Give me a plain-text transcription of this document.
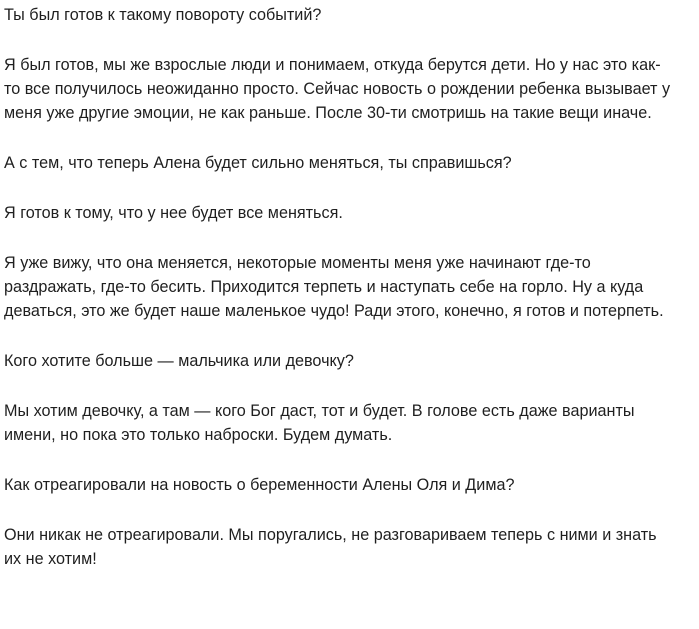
Ты был готов к такому повороту событий?

Я был готов, мы же взрослые люди и понимаем, откуда берутся дети. Но у нас это как-то все получилось неожиданно просто. Сейчас новость о рождении ребенка вызывает у меня уже другие эмоции, не как раньше. После 30-ти смотришь на такие вещи иначе.

А с тем, что теперь Алена будет сильно меняться, ты справишься?

Я готов к тому, что у нее будет все меняться.

Я уже вижу, что она меняется, некоторые моменты меня уже начинают где-то раздражать, где-то бесить. Приходится терпеть и наступать себе на горло. Ну а куда деваться, это же будет наше маленькое чудо! Ради этого, конечно, я готов и потерпеть.

Кого хотите больше — мальчика или девочку?

Мы хотим девочку, а там — кого Бог даст, тот и будет. В голове есть даже варианты имени, но пока это только наброски. Будем думать.

Как отреагировали на новость о беременности Алены Оля и Дима?

Они никак не отреагировали. Мы поругались, не разговариваем теперь с ними и знать их не хотим!
